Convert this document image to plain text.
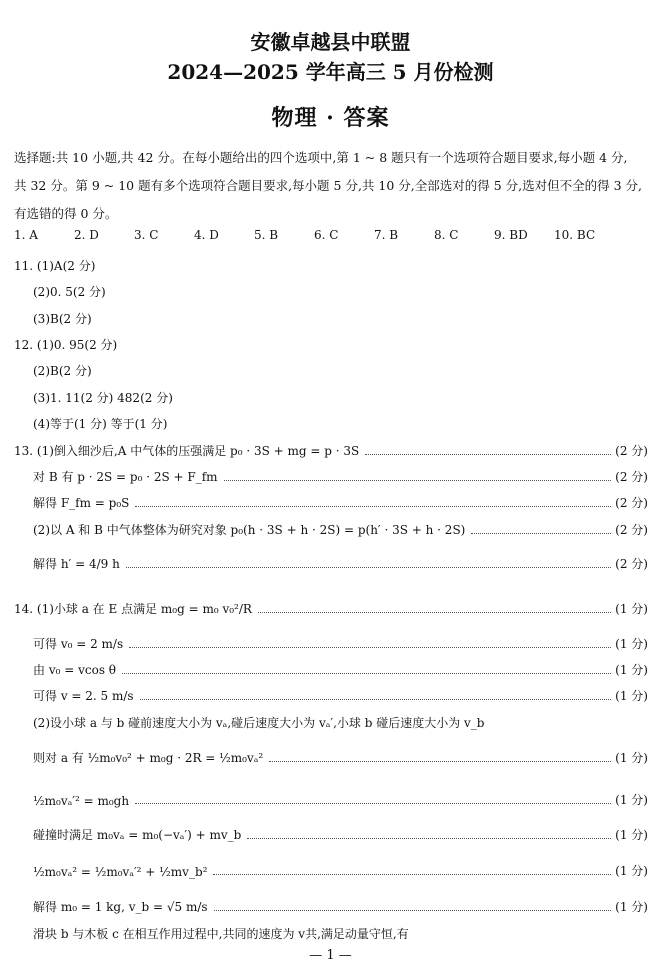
安徽卓越县中联盟
2024—2025 学年高三 5 月份检测
物理 · 答案
选择题:共 10 小题,共 42 分。在每小题给出的四个选项中,第 1 ~ 8 题只有一个选项符合题目要求,每小题 4 分,
共 32 分。第 9 ~ 10 题有多个选项符合题目要求,每小题 5 分,共 10 分,全部选对的得 5 分,选对但不全的得 3 分,
有选错的得 0 分。
1. A	2. D	3. C	4. D	5. B	6. C	7. B	8. C	9. BD 10. BC
11. (1)A(2 分)
(2)0. 5(2 分)
(3)B(2 分)
12. (1)0. 95(2 分)
(2)B(2 分)
(3)1. 11(2 分) 482(2 分)
(4)等于(1 分) 等于(1 分)
13. (1)倒入细沙后,A 中气体的压强满足 p₀ · 3S + mg = p · 3S	(2 分)
对 B 有 p · 2S = p₀ · 2S + F_fm	(2 分)
解得 F_fm = p₀S	(2 分)
(2)以 A 和 B 中气体整体为研究对象 p₀(h · 3S + h · 2S) = p(h′ · 3S + h · 2S)	(2 分)
解得 h′ = 4/9 h	(2 分)
14. (1)小球 a 在 E 点满足 m₀g = m₀ v₀²/R	(1 分)
可得 v₀ = 2 m/s	(1 分)
由 v₀ = vcos θ	(1 分)
可得 v = 2. 5 m/s	(1 分)
(2)设小球 a 与 b 碰前速度大小为 vₐ,碰后速度大小为 vₐ′,小球 b 碰后速度大小为 v_b
则对 a 有 ½m₀v₀² + m₀g · 2R = ½m₀vₐ²	(1 分)
½m₀vₐ′² = m₀gh	(1 分)
碰撞时满足 m₀vₐ = m₀(−vₐ′) + mv_b	(1 分)
½m₀vₐ² = ½m₀vₐ′² + ½mv_b²	(1 分)
解得 m₀ = 1 kg, v_b = √5 m/s	(1 分)
滑块 b 与木板 c 在相互作用过程中,共同的速度为 v共,满足动量守恒,有
— 1 —
